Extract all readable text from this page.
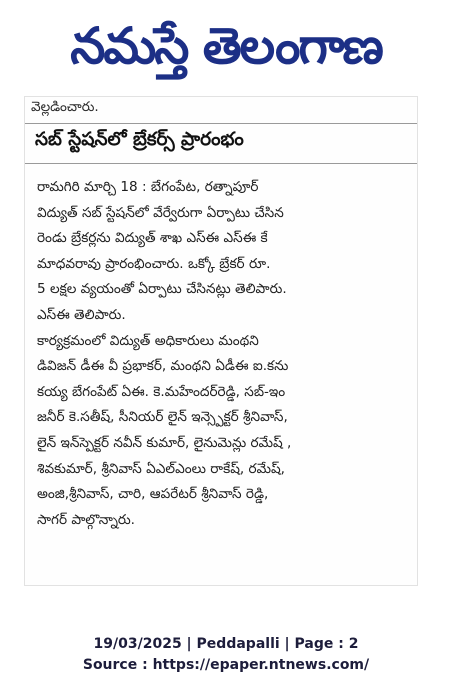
నమస్తే తెలంగాణ
వెల్లడించారు.
సబ్ స్టేషన్‌లో బ్రేకర్స్ ప్రారంభం
రామగిరి మార్చి 18 : బేగంపేట, రత్నాపూర్
విద్యుత్ సబ్ స్టేషన్‌లో వేర్వేరుగా ఏర్పాటు చేసిన
రెండు బ్రేకర్లను విద్యుత్ శాఖ ఎస్ఈ ఎస్ఈ కే
మాధవరావు ప్రారంభించారు. ఒక్కో బ్రేకర్ రూ.
5 లక్షల వ్యయంతో ఏర్పాటు చేసినట్లు తెలిపారు.
ఎస్ఈ తెలిపారు.
కార్యక్రమంలో విద్యుత్ అధికారులు మంథని
డివిజన్ డీఈ వీ ప్రభాకర్, మంథని ఏడీఈ ఐ.కను
కయ్య బేగంపేట్ ఏఈ. కె.మహేందర్‌రెడ్డి, సబ్-ఇం
జనీర్ కె.సతీష్, సీనియర్ లైన్ ఇన్స్పెక్టర్ శ్రీనివాస్,
లైన్ ఇన్‌స్పెక్టర్ నవీన్ కుమార్, లైనుమెన్లు రమేష్ ,
శివకుమార్, శ్రీనివాస్ ఏఎల్ఎంలు రాకేష్, రమేష్,
అంజి,శ్రీనివాస్, చారి, ఆపరేటర్ శ్రీనివాస్ రెడ్డి,
సాగర్ పాల్గొన్నారు.
19/03/2025 | Peddapalli | Page : 2
Source : https://epaper.ntnews.com/
